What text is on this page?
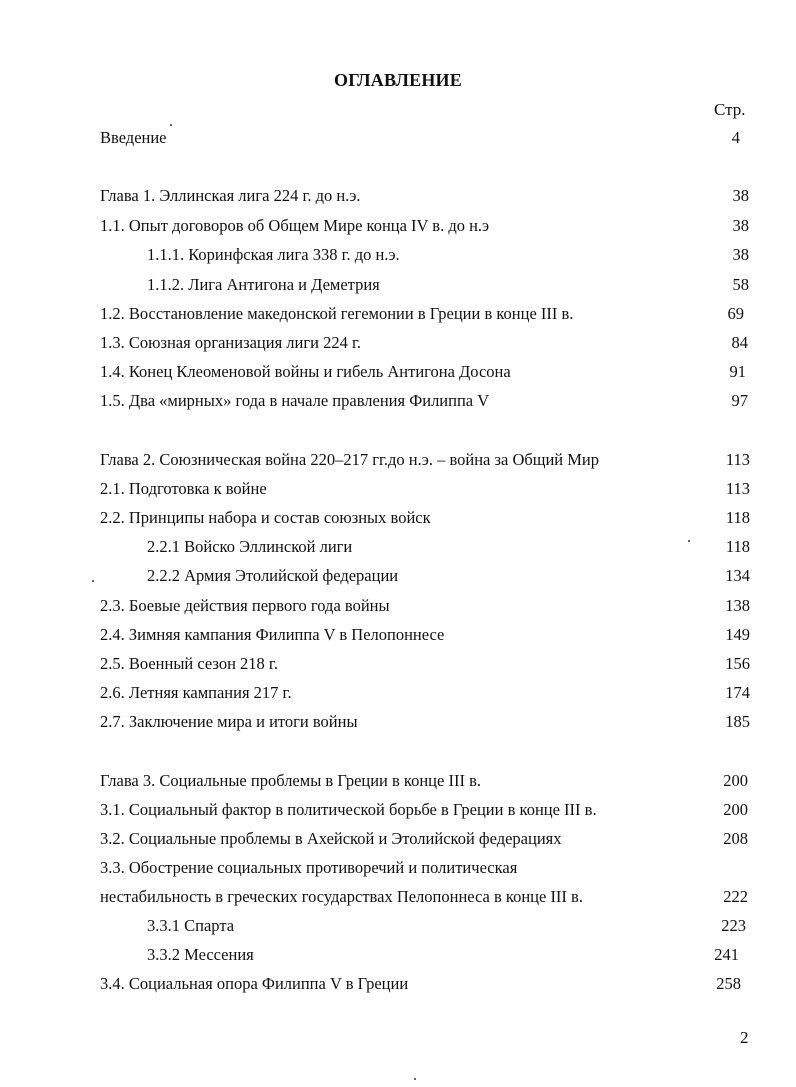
ОГЛАВЛЕНИЕ
Стр.
Введение	4
Глава 1. Эллинская лига 224 г. до н.э.	38
1.1. Опыт договоров об Общем Мире конца IV в. до н.э	38
1.1.1. Коринфская лига 338 г. до н.э.	38
1.1.2. Лига Антигона и Деметрия	58
1.2. Восстановление македонской гегемонии в Греции в конце III в.	69
1.3. Союзная организация лиги 224 г.	84
1.4. Конец Клеоменовой войны и гибель Антигона Досона	91
1.5. Два «мирных» года в начале правления Филиппа V	97
Глава 2. Союзническая война 220–217 гг.до н.э. – война за Общий Мир	113
2.1. Подготовка к войне	113
2.2. Принципы набора и состав союзных войск	118
2.2.1 Войско Эллинской лиги	118
2.2.2 Армия Этолийской федерации	134
2.3. Боевые действия первого года войны	138
2.4. Зимняя кампания Филиппа V в Пелопоннесе	149
2.5. Военный сезон 218 г.	156
2.6. Летняя кампания 217 г.	174
2.7. Заключение мира и итоги войны	185
Глава 3. Социальные проблемы в Греции в конце III в.	200
3.1. Социальный фактор в политической борьбе в Греции в конце III в.	200
3.2. Социальные проблемы в Ахейской и Этолийской федерациях	208
3.3. Обострение социальных противоречий и политическая
нестабильность в греческих государствах Пелопоннеса в конце III в.	222
3.3.1 Спарта	223
3.3.2 Мессения	241
3.4. Социальная опора Филиппа V в Греции	258
2
